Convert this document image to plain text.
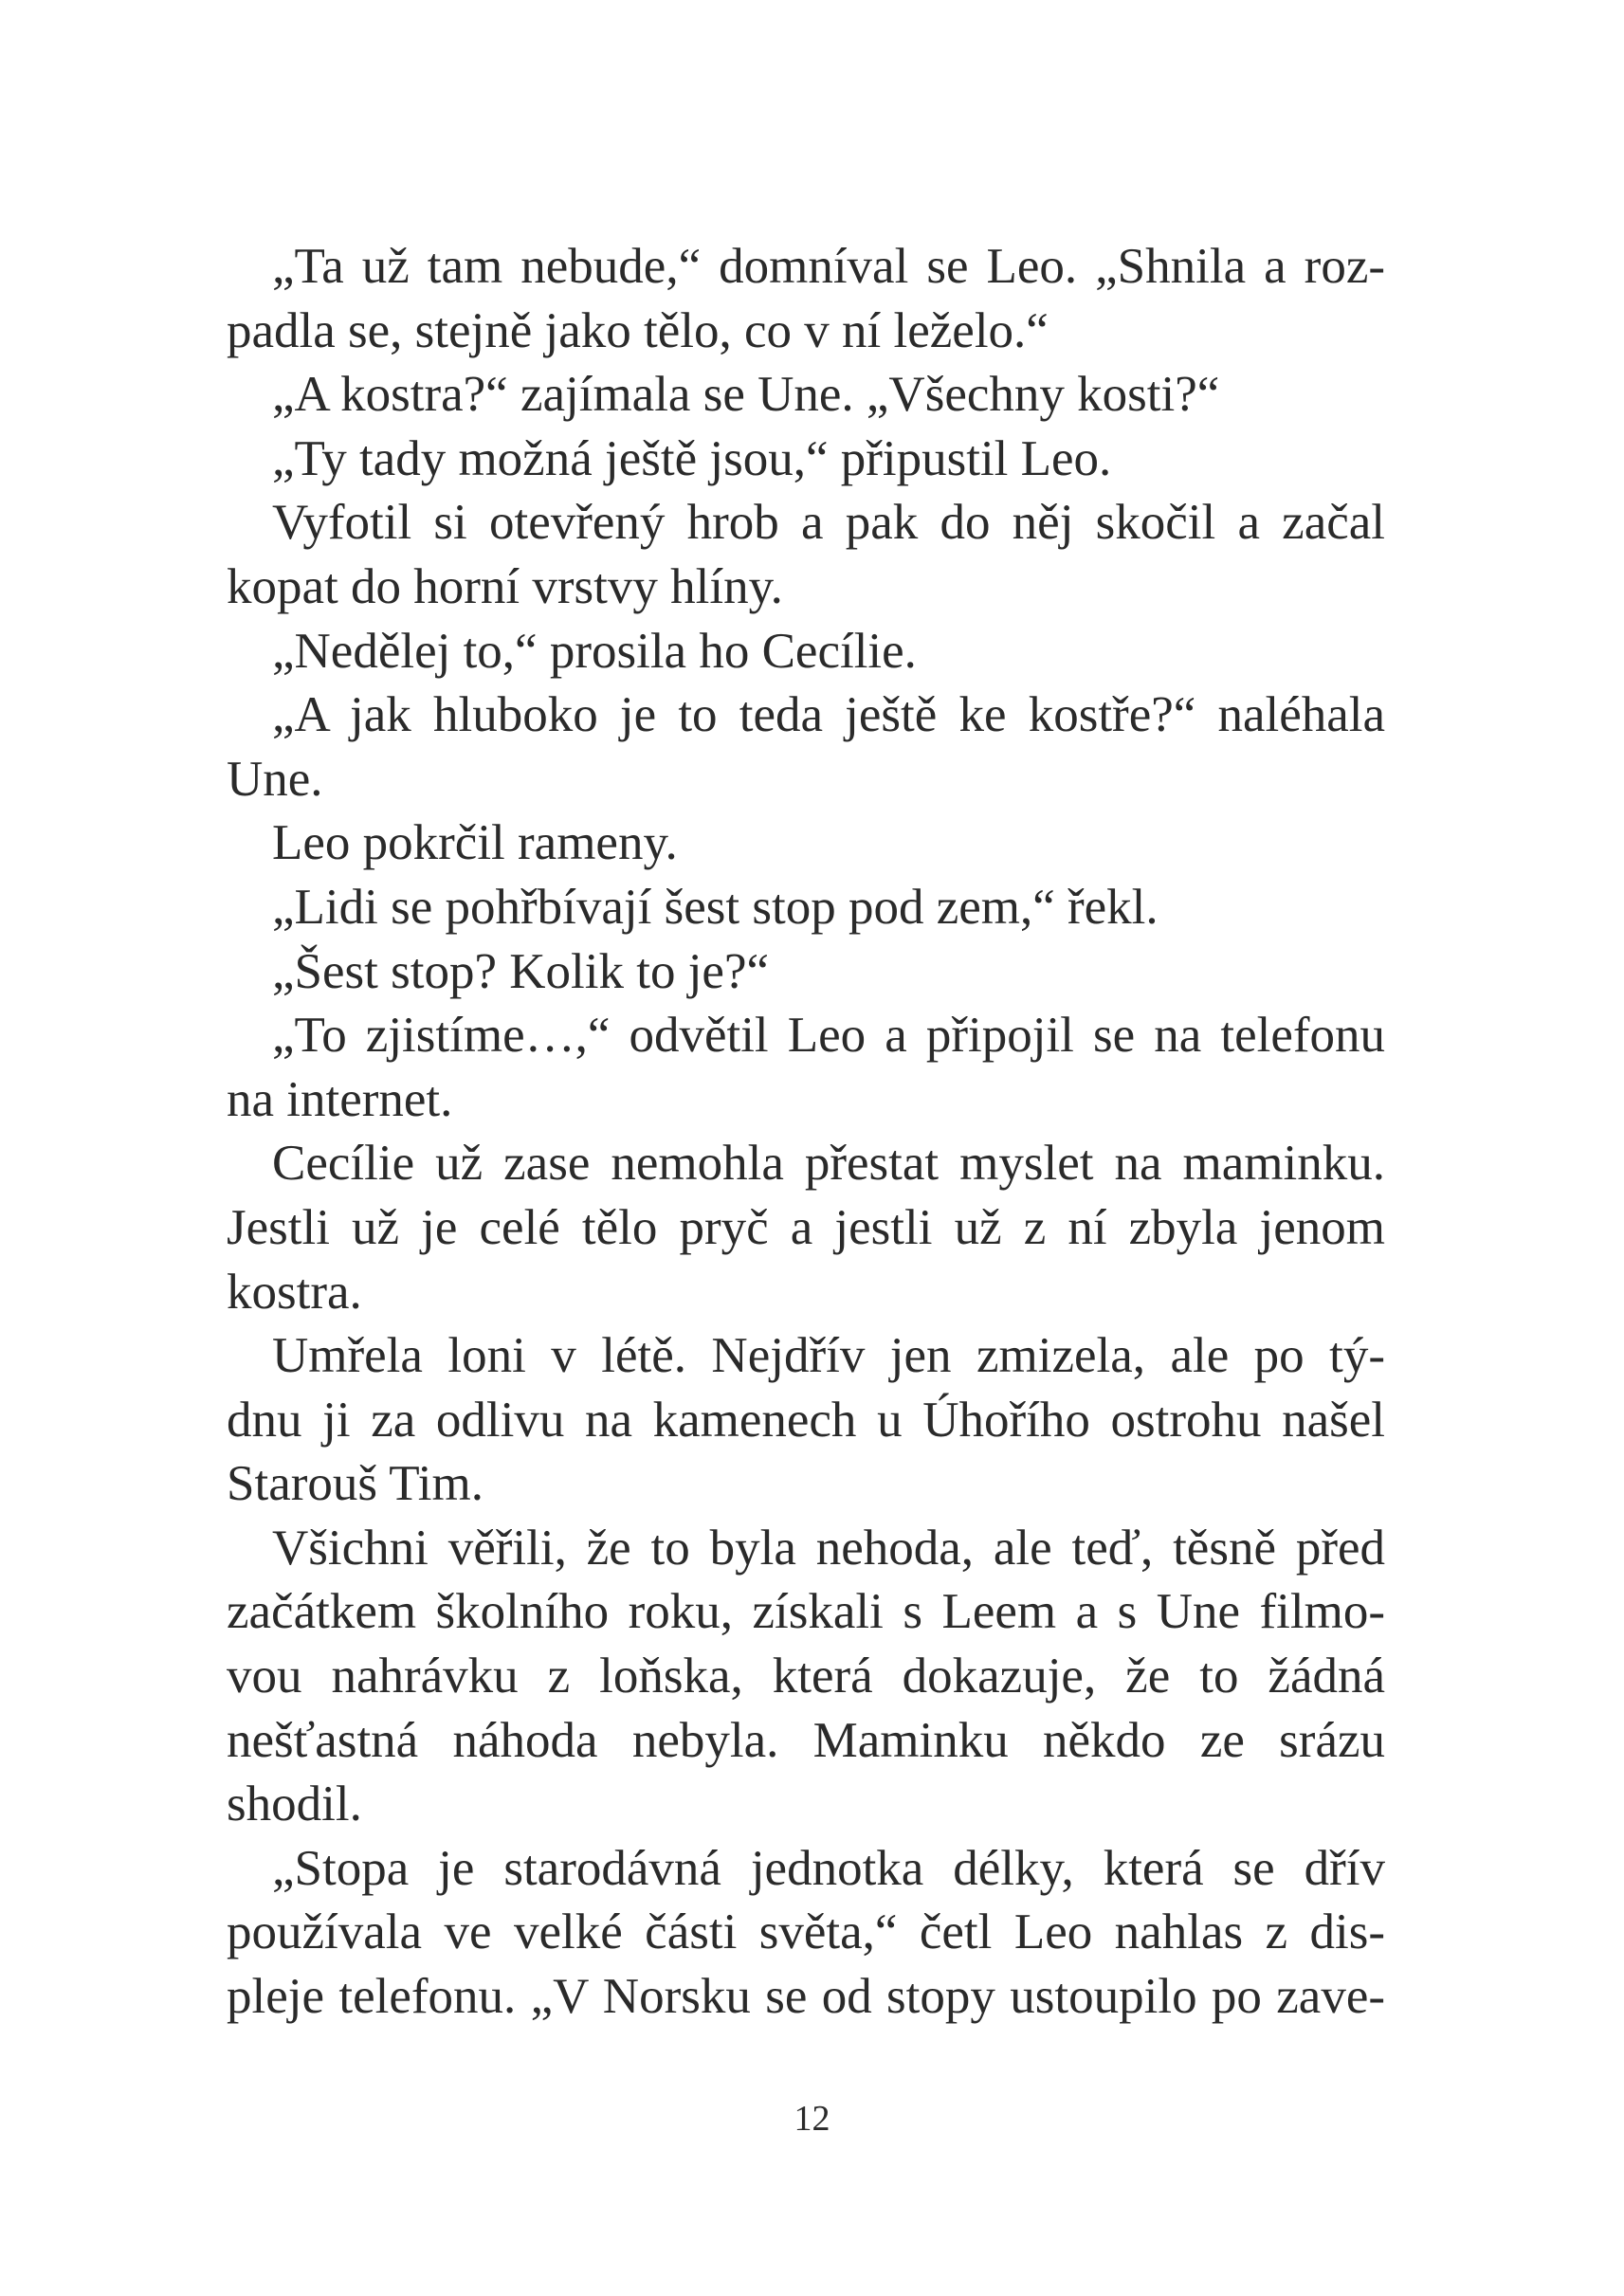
„Ta už tam nebude,“ domníval se Leo. „Shnila a roz-
padla se, stejně jako tělo, co v ní leželo.“
„A kostra?“ zajímala se Une. „Všechny kosti?“
„Ty tady možná ještě jsou,“ připustil Leo.
Vyfotil si otevřený hrob a pak do něj skočil a začal
kopat do horní vrstvy hlíny.
„Nedělej to,“ prosila ho Cecílie.
„A jak hluboko je to teda ještě ke kostře?“ naléhala
Une.
Leo pokrčil rameny.
„Lidi se pohřbívají šest stop pod zem,“ řekl.
„Šest stop? Kolik to je?“
„To zjistíme…,“ odvětil Leo a připojil se na telefonu
na internet.
Cecílie už zase nemohla přestat myslet na maminku.
Jestli už je celé tělo pryč a jestli už z ní zbyla jenom
kostra.
Umřela loni v létě. Nejdřív jen zmizela, ale po tý-
dnu ji za odlivu na kamenech u Úhořího ostrohu našel
Starouš Tim.
Všichni věřili, že to byla nehoda, ale teď, těsně před
začátkem školního roku, získali s Leem a s Une filmo-
vou nahrávku z loňska, která dokazuje, že to žádná
nešťastná náhoda nebyla. Maminku někdo ze srázu
shodil.
„Stopa je starodávná jednotka délky, která se dřív
používala ve velké části světa,“ četl Leo nahlas z dis-
pleje telefonu. „V Norsku se od stopy ustoupilo po zave-
12
